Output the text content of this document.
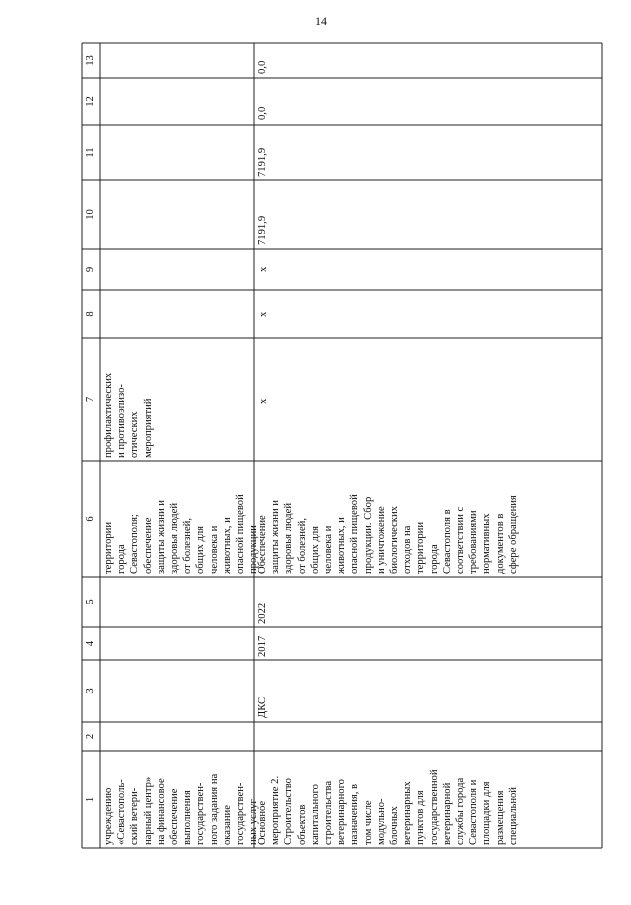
14
1
2
3
4
5
6
7
8
9
10
11
12
13
учреждению
«Севастополь-
ский ветери-
нарный центр»
на финансовое
обеспечение
выполнения
государствен-
ного задания на
оказание
государствен-
ных услуг
территории
города
Севастополя;
обеспечение
защиты жизни и
здоровья людей
от болезней,
общих для
человека и
животных, и
опасной пищевой
продукции
профилактических
и противоэпизо-
отических
мероприятий
Основное
мероприятие 2.
Строительство
объектов
капитального
строительства
ветеринарного
назначения, в
том числе
модульно-
блочных
ветеринарных
пунктов для
государственной
ветеринарной
службы города
Севастополя и
площадки для
размещения
специальной
ДКС
2017
2022
Обеспечение
защиты жизни и
здоровья людей
от болезней,
общих для
человека и
животных, и
опасной пищевой
продукции. Сбор
и уничтожение
биологических
отходов на
территории
города
Севастополя в
соответствии с
требованиями
нормативных
документов в
сфере обращения
х
х
х
7191,9
7191,9
0,0
0,0
